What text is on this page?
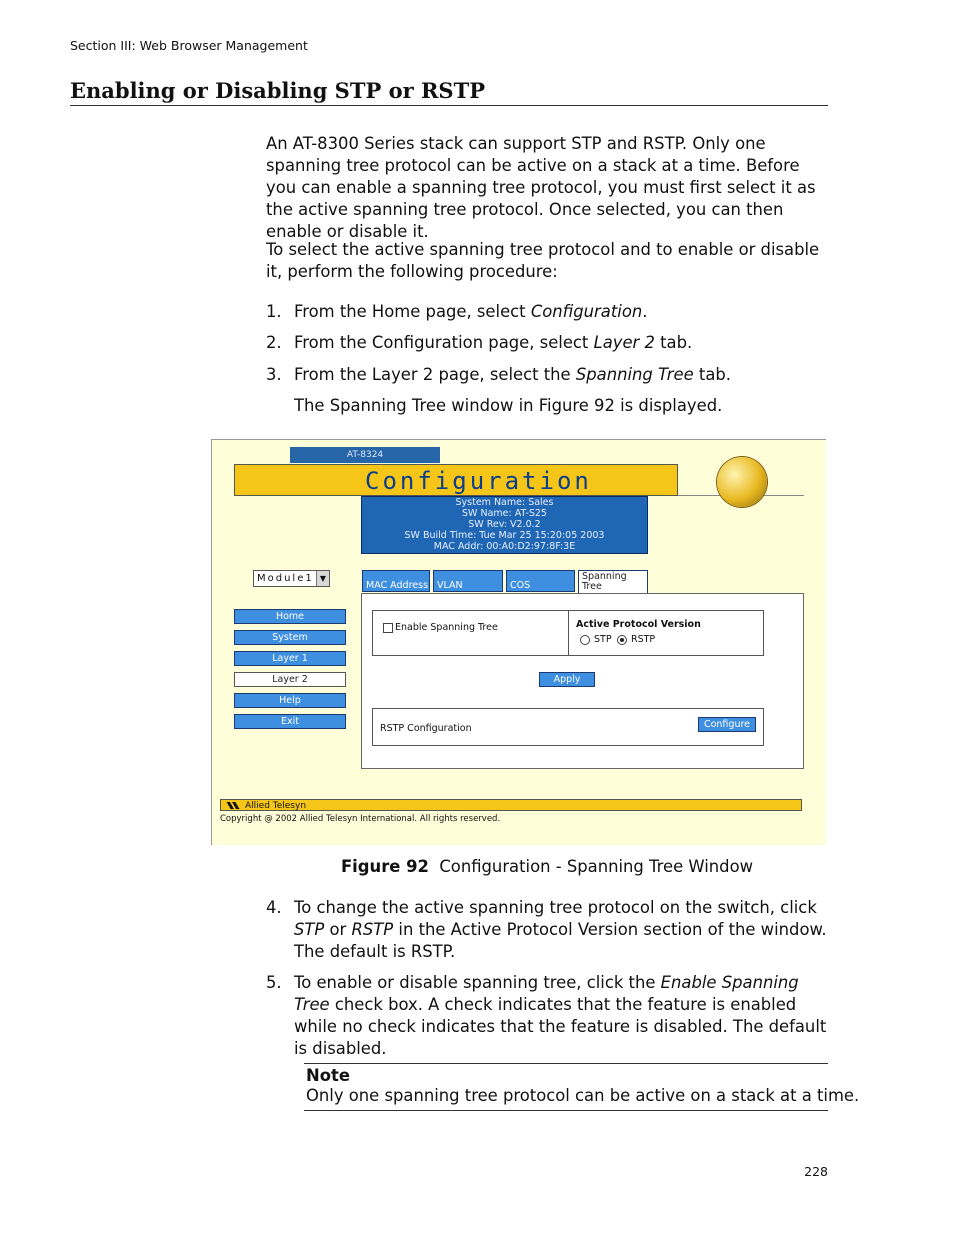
Section III: Web Browser Management
Enabling or Disabling STP or RSTP
An AT-8300 Series stack can support STP and RSTP. Only one spanning tree protocol can be active on a stack at a time. Before you can enable a spanning tree protocol, you must first select it as the active spanning tree protocol. Once selected, you can then enable or disable it.
To select the active spanning tree protocol and to enable or disable it, perform the following procedure:
1. From the Home page, select Configuration.
2. From the Configuration page, select Layer 2 tab.
3. From the Layer 2 page, select the Spanning Tree tab.
The Spanning Tree window in Figure 92 is displayed.
AT-8324
Configuration
System Name: Sales
SW Name: AT-S25
SW Rev: V2.0.2
SW Build Time: Tue Mar 25 15:20:05 2003
MAC Addr: 00:A0:D2:97:8F:3E
Module1 ▼
Home
System
Layer 1
Layer 2
Help
Exit
MAC Address VLAN	COS
Spanning
Tree
Enable Spanning Tree	Active Protocol Version
STP RSTP
Apply
RSTP Configuration	Configure
Allied Telesyn
Copyright @ 2002 Allied Telesyn International. All rights reserved.
Figure 92 Configuration - Spanning Tree Window
4. To change the active spanning tree protocol on the switch, click STP or RSTP in the Active Protocol Version section of the window. The default is RSTP.
5. To enable or disable spanning tree, click the Enable Spanning Tree check box. A check indicates that the feature is enabled while no check indicates that the feature is disabled. The default is disabled.
Note
Only one spanning tree protocol can be active on a stack at a time.
228
